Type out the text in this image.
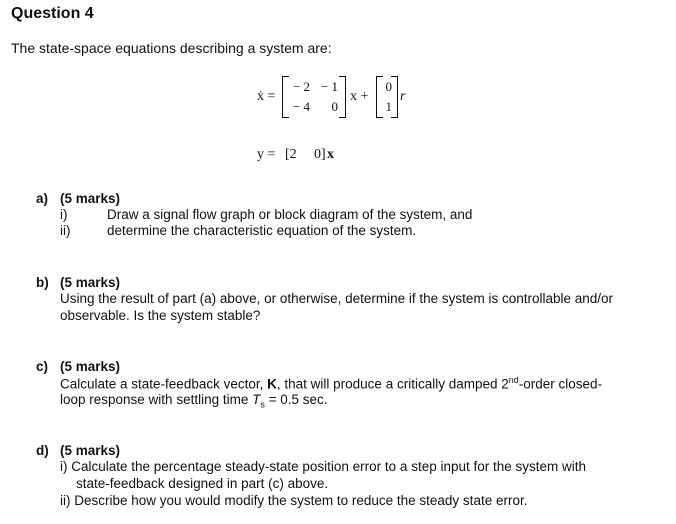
Question 4
The state-space equations describing a system are:
ẋ =
− 2 − 1
− 4	0
x +
0
1
r
y = [2 0] x
a) (5 marks)
i)	Draw a signal flow graph or block diagram of the system, and
ii)	determine the characteristic equation of the system.
b) (5 marks)
Using the result of part (a) above, or otherwise, determine if the system is controllable and/or
observable. Is the system stable?
c) (5 marks)
Calculate a state-feedback vector, K, that will produce a critically damped 2nd-order closed-
loop response with settling time $T_s = 0.5$ sec.
d) (5 marks)
i) Calculate the percentage steady-state position error to a step input for the system with
state-feedback designed in part (c) above.
ii) Describe how you would modify the system to reduce the steady state error.
